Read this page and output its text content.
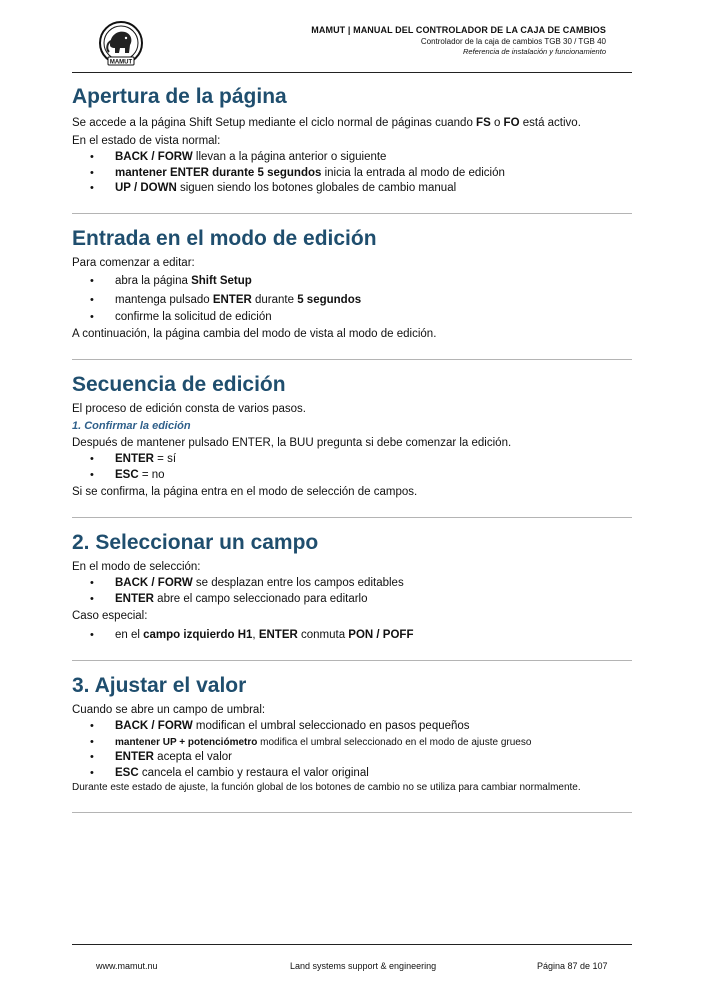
MAMUT
MAMUT | MANUAL DEL CONTROLADOR DE LA CAJA DE CAMBIOS
Controlador de la caja de cambios TGB 30 / TGB 40
Referencia de instalación y funcionamiento
Apertura de la página

Se accede a la página Shift Setup mediante el ciclo normal de páginas cuando FS o FO está activo.

En el estado de vista normal:

• BACK / FORW llevan a la página anterior o siguiente
• mantener ENTER durante 5 segundos inicia la entrada al modo de edición
• UP / DOWN siguen siendo los botones globales de cambio manual
Entrada en el modo de edición

Para comenzar a editar:

• abra la página Shift Setup
• mantenga pulsado ENTER durante 5 segundos
• confirme la solicitud de edición

A continuación, la página cambia del modo de vista al modo de edición.

Secuencia de edición

El proceso de edición consta de varios pasos.

1. Confirmar la edición

Después de mantener pulsado ENTER, la BUU pregunta si debe comenzar la edición.

• ENTER = sí
• ESC = no

Si se confirma, la página entra en el modo de selección de campos.

2. Seleccionar un campo

En el modo de selección:

• BACK / FORW se desplazan entre los campos editables
• ENTER abre el campo seleccionado para editarlo

Caso especial:

• en el campo izquierdo H1, ENTER conmuta PON / POFF
3. Ajustar el valor

Cuando se abre un campo de umbral:

• BACK / FORW modifican el umbral seleccionado en pasos pequeños
• mantener UP + potenciómetro modifica el umbral seleccionado en el modo de ajuste grueso
• ENTER acepta el valor
• ESC cancela el cambio y restaura el valor original

Durante este estado de ajuste, la función global de los botones de cambio no se utiliza para cambiar normalmente.

www.mamut.nu	Land systems support & engineering	Página 87 de 107
